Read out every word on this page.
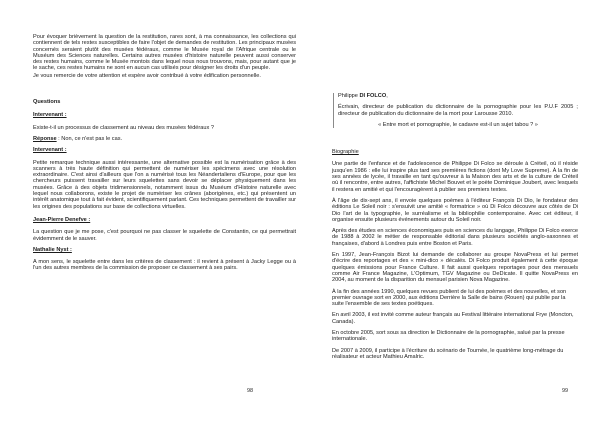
Pour évoquer brièvement la question de la restitution, rares sont, à ma connaissance, les collections qui contiennent de tels restes susceptibles de faire l'objet de demandes de restitution. Les principaux musées concernés seraient plutôt des musées fédéraux, comme le Musée royal de l'Afrique centrale ou le Muséum des Sciences naturelles. Certains autres musées d'histoire naturelle peuvent aussi conserver des restes humains, comme le Musée montois dans lequel nous nous trouvons, mais, pour autant que je le sache, ces restes humains ne sont en aucun cas utilisés pour désigner les droits d'un peuple.

Je vous remercie de votre attention et espère avoir contribué à votre édification personnelle.

Questions
Intervenant :

Existe-t-il un processus de classement au niveau des musées fédéraux ?

Réponse : Non, ce n'est pas le cas.

Intervenant :

Petite remarque technique aussi intéressante, une alternative possible est la numérisation grâce à des scanners à très haute définition qui permettent de numériser les spécimens avec une résolution extraordinaire. C'est ainsi d'ailleurs que l'on a numérisé tous les Néandertaliens d'Europe, pour que les chercheurs puissent travailler sur leurs squelettes sans devoir se déplacer physiquement dans les musées. Grâce à des objets tridimensionnels, notamment issus du Muséum d'Histoire naturelle avec lequel nous collaborons, existe le projet de numériser les crânes (aborigènes, etc.) qui présentent un intérêt anatomique tout à fait évident, scientifiquement parlant. Ces techniques permettent de travailler sur les origines des populations sur base de collections virtuelles.

Jean-Pierre Denefve :

La question que je me pose, c'est pourquoi ne pas classer le squelette de Constantin, ce qui permettrait évidemment de le sauver.

Nathalie Nyst :

A mon sens, le squelette entre dans les critères de classement : il revient à présent à Jacky Legge ou à l'un des autres membres de la commission de proposer ce classement à ses pairs.

Philippe DI FOLCO,

Écrivain, directeur de publication du dictionnaire de la pornographie pour les P.U.F 2005 ; directeur de publication du dictionnaire de la mort pour Larousse 2010.

« Entre mort et pornographie, le cadavre est-il un sujet tabou ? »

Biographie

Une partie de l'enfance et de l'adolescence de Philippe Di Folco se déroule à Créteil, où il réside jusqu'en 1986 : elle lui inspire plus tard ses premières fictions (dont My Love Supreme). À la fin de ses années de lycée, il travaille en tant qu'ouvreur à la Maison des arts et de la culture de Créteil où il rencontre, entre autres, l'affichiste Michel Bouvet et le poète Dominique Joubert, avec lesquels il restera en amitié et qui l'encouragèrent à publier ses premiers textes.

À l'âge de dix-sept ans, il envoie quelques poèmes à l'éditeur François Di Dio, le fondateur des éditions Le Soleil noir : s'ensuivit une amitié « formatrice » où Di Folco découvre aux côtés de Di Dio l'art de la typographie, le surréalisme et la bibliophilie contemporaine. Avec cet éditeur, il organise ensuite plusieurs événements autour du Soleil noir.

Après des études en sciences économiques puis en sciences du langage, Philippe Di Folco exerce de 1988 à 2002 le métier de responsable éditorial dans plusieurs sociétés anglo-saxonnes et françaises, d'abord à Londres puis entre Boston et Paris.

En 1997, Jean-François Bizot lui demande de collaborer au groupe NovaPress et lui permet d'écrire des reportages et des « mini-dico » décalés. Di Folco produit également à cette époque quelques émissions pour France Culture. Il fait aussi quelques reportages pour des mensuels comme Air France Magazine, L'Optimum, TGV Magazine ou DeDicate. Il quitte NovaPress en 2004, au moment de la disparition du mensuel parisien Nova Magazine.

À la fin des années 1990, quelques revues publient de lui des poèmes et des nouvelles, et son premier ouvrage sort en 2000, aux éditions Derrière la Salle de bains (Rouen) qui publie par la suite l'ensemble de ses textes poétiques.

En avril 2003, il est invité comme auteur français au Festival littéraire international Frye (Moncton, Canada).

En octobre 2005, sort sous sa direction le Dictionnaire de la pornographie, salué par la presse internationale.

De 2007 à 2009, il participe à l'écriture du scénario de Tournée, le quatrième long-métrage du réalisateur et acteur Mathieu Amalric.

98	99
